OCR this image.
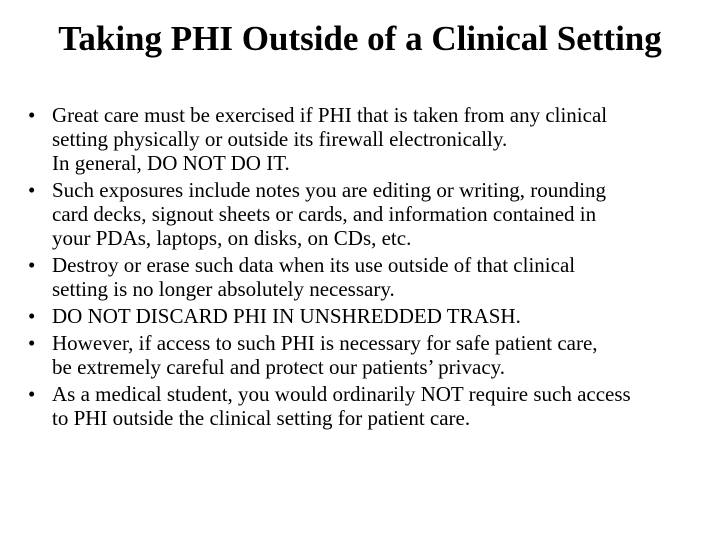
Taking PHI Outside of a Clinical Setting
• Great care must be exercised if PHI that is taken from any clinical
setting physically or outside its firewall electronically.
In general, DO NOT DO IT.
• Such exposures include notes you are editing or writing, rounding
card decks, signout sheets or cards, and information contained in
your PDAs, laptops, on disks, on CDs, etc.
• Destroy or erase such data when its use outside of that clinical
setting is no longer absolutely necessary.
• DO NOT DISCARD PHI IN UNSHREDDED TRASH.
• However, if access to such PHI is necessary for safe patient care,
be extremely careful and protect our patients’ privacy.
• As a medical student, you would ordinarily NOT require such access
to PHI outside the clinical setting for patient care.
